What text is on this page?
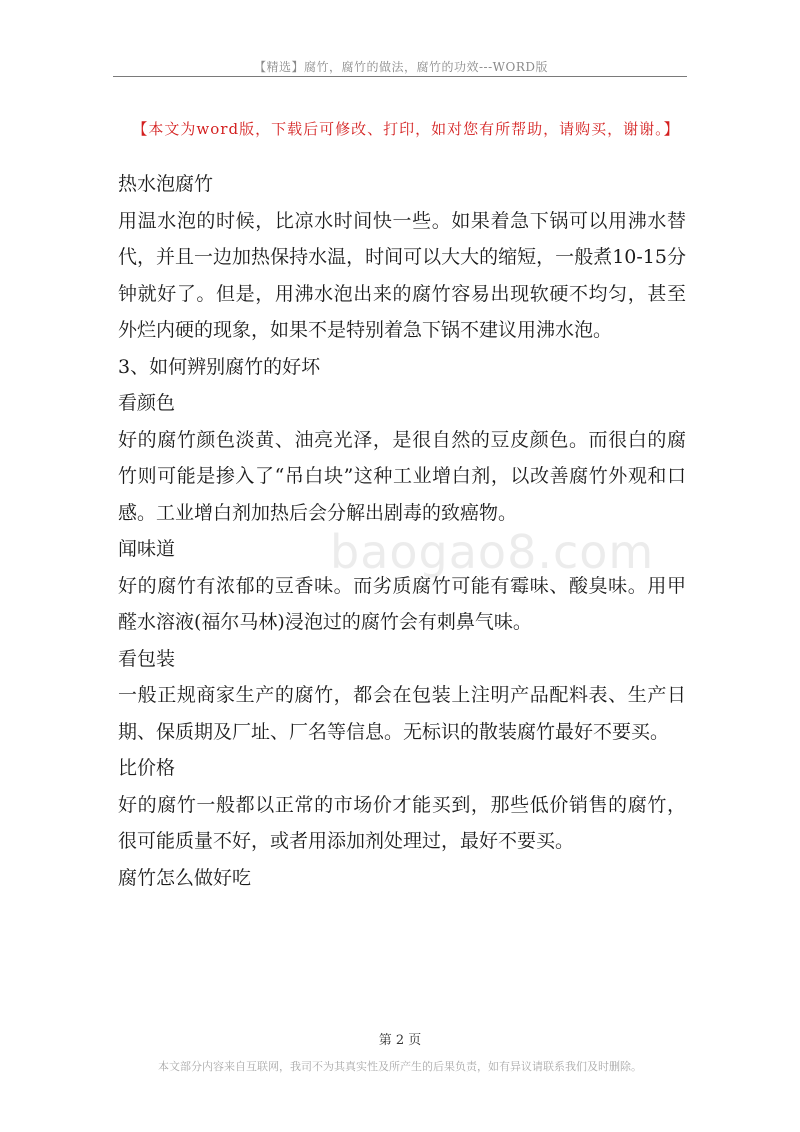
【精选】腐竹，腐竹的做法，腐竹的功效---WORD版
【本文为word版，下载后可修改、打印，如对您有所帮助，请购买，谢谢。】
baogao8.com

热水泡腐竹

用温水泡的时候，比凉水时间快一些。如果着急下锅可以用沸水替代，并且一边加热保持水温，时间可以大大的缩短，一般煮10-15分钟就好了。但是，用沸水泡出来的腐竹容易出现软硬不均匀，甚至外烂内硬的现象，如果不是特别着急下锅不建议用沸水泡。

3、如何辨别腐竹的好坏

看颜色

好的腐竹颜色淡黄、油亮光泽，是很自然的豆皮颜色。而很白的腐竹则可能是掺入了“吊白块”这种工业增白剂，以改善腐竹外观和口感。工业增白剂加热后会分解出剧毒的致癌物。

闻味道

好的腐竹有浓郁的豆香味。而劣质腐竹可能有霉味、酸臭味。用甲醛水溶液(福尔马林)浸泡过的腐竹会有刺鼻气味。

看包装

一般正规商家生产的腐竹，都会在包装上注明产品配料表、生产日期、保质期及厂址、厂名等信息。无标识的散装腐竹最好不要买。

比价格

好的腐竹一般都以正常的市场价才能买到，那些低价销售的腐竹，很可能质量不好，或者用添加剂处理过，最好不要买。

腐竹怎么做好吃

第 2 页
本文部分内容来自互联网，我司不为其真实性及所产生的后果负责，如有异议请联系我们及时删除。
